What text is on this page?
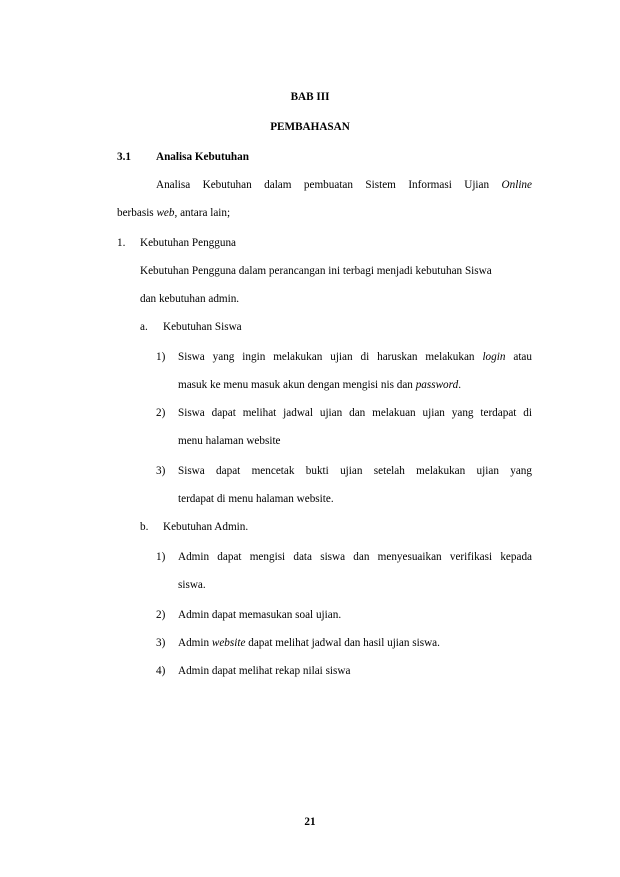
BAB III
PEMBAHASAN
3.1 Analisa Kebutuhan
Analisa Kebutuhan dalam pembuatan Sistem Informasi Ujian Online
berbasis web, antara lain;
1. Kebutuhan Pengguna
Kebutuhan Pengguna dalam perancangan ini terbagi menjadi kebutuhan Siswa
dan kebutuhan admin.
a. Kebutuhan Siswa
1) Siswa yang ingin melakukan ujian di haruskan melakukan login atau
masuk ke menu masuk akun dengan mengisi nis dan password.
2) Siswa dapat melihat jadwal ujian dan melakuan ujian yang terdapat di
menu halaman website
3) Siswa dapat mencetak bukti ujian setelah melakukan ujian yang
terdapat di menu halaman website.
b. Kebutuhan Admin.
1) Admin dapat mengisi data siswa dan menyesuaikan verifikasi kepada
siswa.
2) Admin dapat memasukan soal ujian.
3) Admin website dapat melihat jadwal dan hasil ujian siswa.
4) Admin dapat melihat rekap nilai siswa
21
